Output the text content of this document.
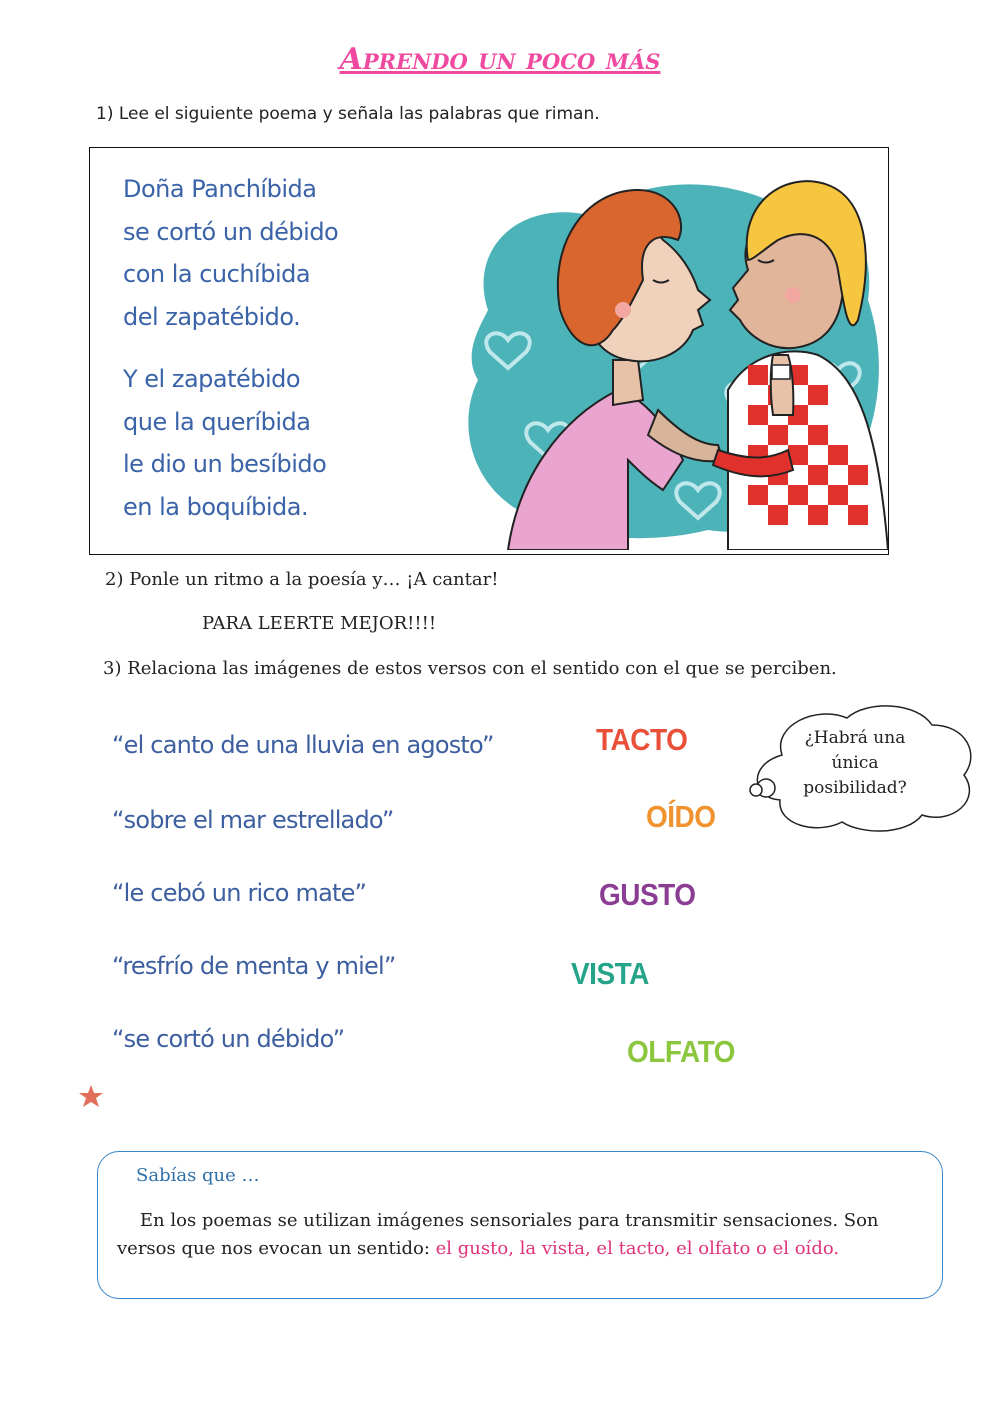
Aprendo un poco más
1) Lee el siguiente poema y señala las palabras que riman.
Doña Panchíbida
se cortó un débido
con la cuchíbida
del zapatébido.
Y el zapatébido
que la queríbida
le dio un besíbido
en la boquíbida.
2) Ponle un ritmo a la poesía y… ¡A cantar!
PARA LEERTE MEJOR!!!!
3) Relaciona las imágenes de estos versos con el sentido con el que se perciben.
“el canto de una lluvia en agosto”
“sobre el mar estrellado”
“le cebó un rico mate”
“resfrío de menta y miel”
“se cortó un débido”
TACTO
OÍDO
GUSTO
VISTA
OLFATO
¿Habrá una
única
posibilidad?
Sabías que …
En los poemas se utilizan imágenes sensoriales para transmitir sensaciones. Son versos que nos evocan un sentido: el gusto, la vista, el tacto, el olfato o el oído.
